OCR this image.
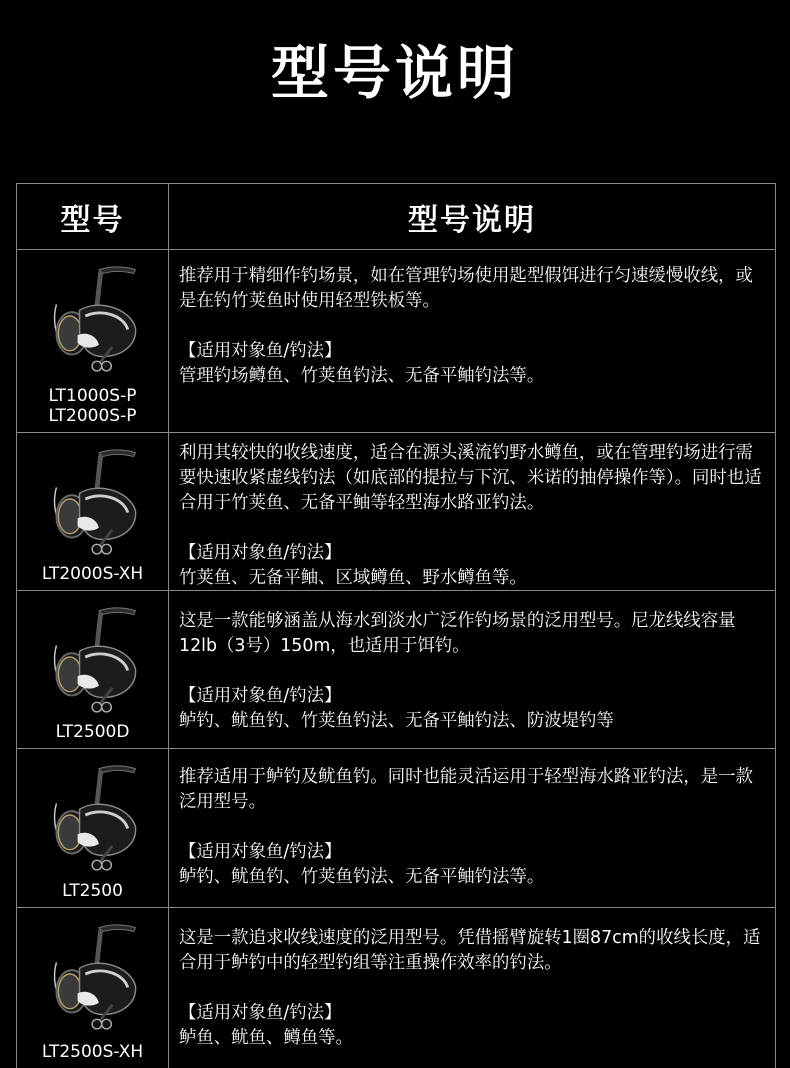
型号说明
型号	型号说明
LT1000S-P
LT2000S-P

推荐用于精细作钓场景，如在管理钓场使用匙型假饵进行匀速缓慢收线，或是在钓竹荚鱼时使用轻型铁板等。

【适用对象鱼/钓法】

管理钓场鳟鱼、竹荚鱼钓法、无备平鲉钓法等。

LT2000S-XH

利用其较快的收线速度，适合在源头溪流钓野水鳟鱼，或在管理钓场进行需要快速收紧虚线钓法（如底部的提拉与下沉、米诺的抽停操作等）。同时也适合用于竹荚鱼、无备平鲉等轻型海水路亚钓法。

【适用对象鱼/钓法】

竹荚鱼、无备平鲉、区域鳟鱼、野水鳟鱼等。

LT2500D

这是一款能够涵盖从海水到淡水广泛作钓场景的泛用型号。尼龙线线容量12lb（3号）150m，也适用于饵钓。

【适用对象鱼/钓法】

鲈钓、鱿鱼钓、竹荚鱼钓法、无备平鲉钓法、防波堤钓等

LT2500

推荐适用于鲈钓及鱿鱼钓。同时也能灵活运用于轻型海水路亚钓法，是一款泛用型号。

【适用对象鱼/钓法】

鲈钓、鱿鱼钓、竹荚鱼钓法、无备平鲉钓法等。

LT2500S-XH

这是一款追求收线速度的泛用型号。凭借摇臂旋转1圈87cm的收线长度，适合用于鲈钓中的轻型钓组等注重操作效率的钓法。

【适用对象鱼/钓法】

鲈鱼、鱿鱼、鳟鱼等。
